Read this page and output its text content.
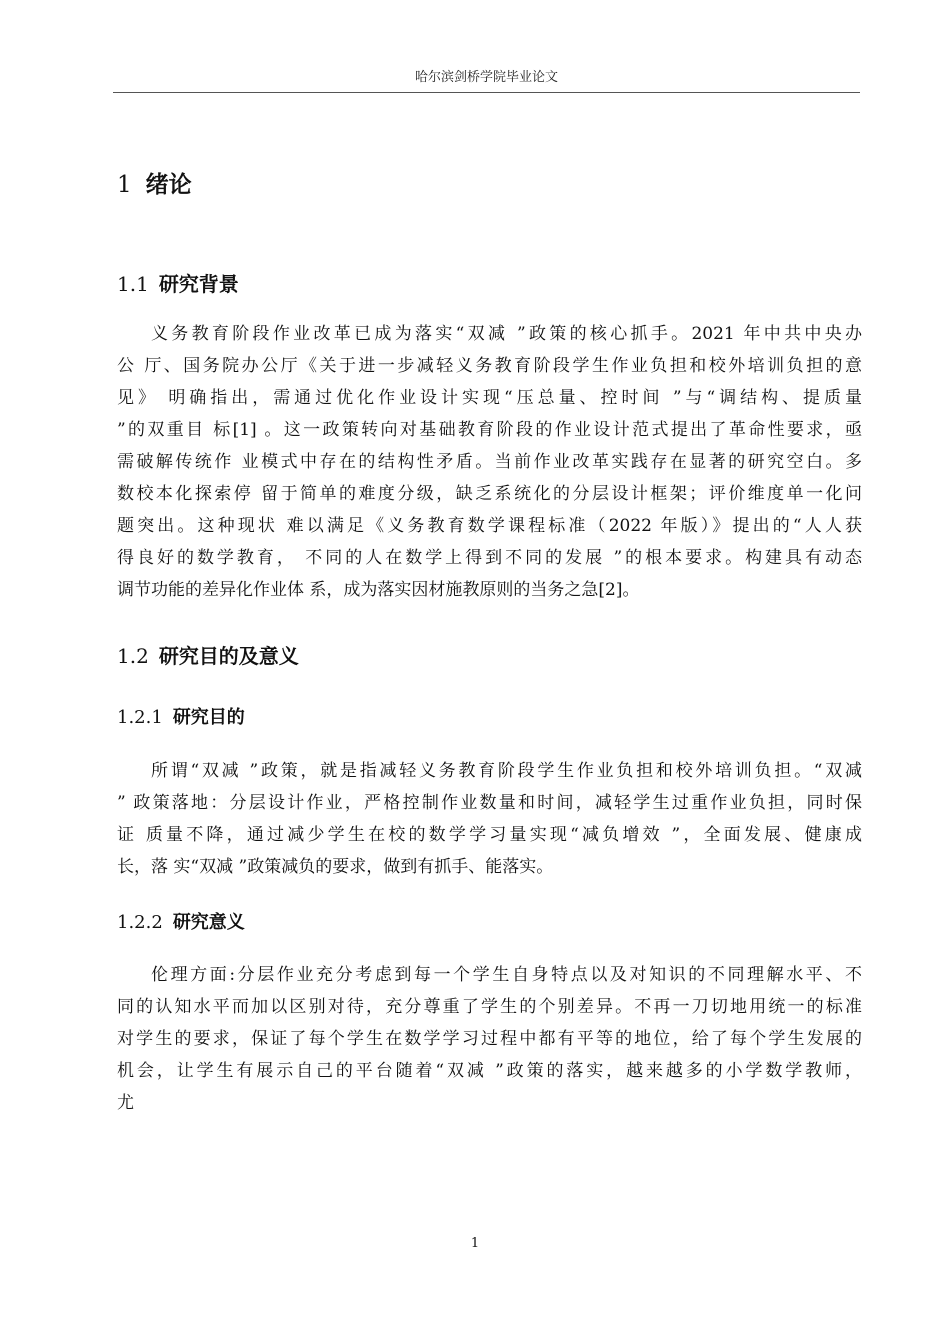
哈尔滨剑桥学院毕业论文
1 绪论
1.1 研究背景
义务教育阶段作业改革已成为落实“双减 ”政策的核心抓手。2021 年中共中央办
公 厅、国务院办公厅《关于进一步减轻义务教育阶段学生作业负担和校外培训负担的意
见》 明确指出，需通过优化作业设计实现“压总量、控时间 ”与“调结构、提质量
”的双重目 标[1] 。这一政策转向对基础教育阶段的作业设计范式提出了革命性要求，亟
需破解传统作 业模式中存在的结构性矛盾。当前作业改革实践存在显著的研究空白。多
数校本化探索停 留于简单的难度分级，缺乏系统化的分层设计框架；评价维度单一化问
题突出。这种现状 难以满足《义务教育数学课程标准（2022 年版）》提出的“人人获
得良好的数学教育， 不同的人在数学上得到不同的发展 ”的根本要求。构建具有动态
调节功能的差异化作业体 系，成为落实因材施教原则的当务之急[2]。
1.2 研究目的及意义
1.2.1 研究目的
所谓“双减 ”政策，就是指减轻义务教育阶段学生作业负担和校外培训负担。“双减
” 政策落地：分层设计作业，严格控制作业数量和时间，减轻学生过重作业负担，同时保
证 质量不降，通过减少学生在校的数学学习量实现“减负增效 ”，全面发展、健康成
长，落 实“双减 ”政策减负的要求，做到有抓手、能落实。
1.2.2 研究意义
伦理方面:分层作业充分考虑到每一个学生自身特点以及对知识的不同理解水平、不
同的认知水平而加以区别对待，充分尊重了学生的个别差异。不再一刀切地用统一的标准
对学生的要求，保证了每个学生在数学学习过程中都有平等的地位，给了每个学生发展的
机会，让学生有展示自己的平台随着“双减 ”政策的落实，越来越多的小学数学教师，
尤
1
